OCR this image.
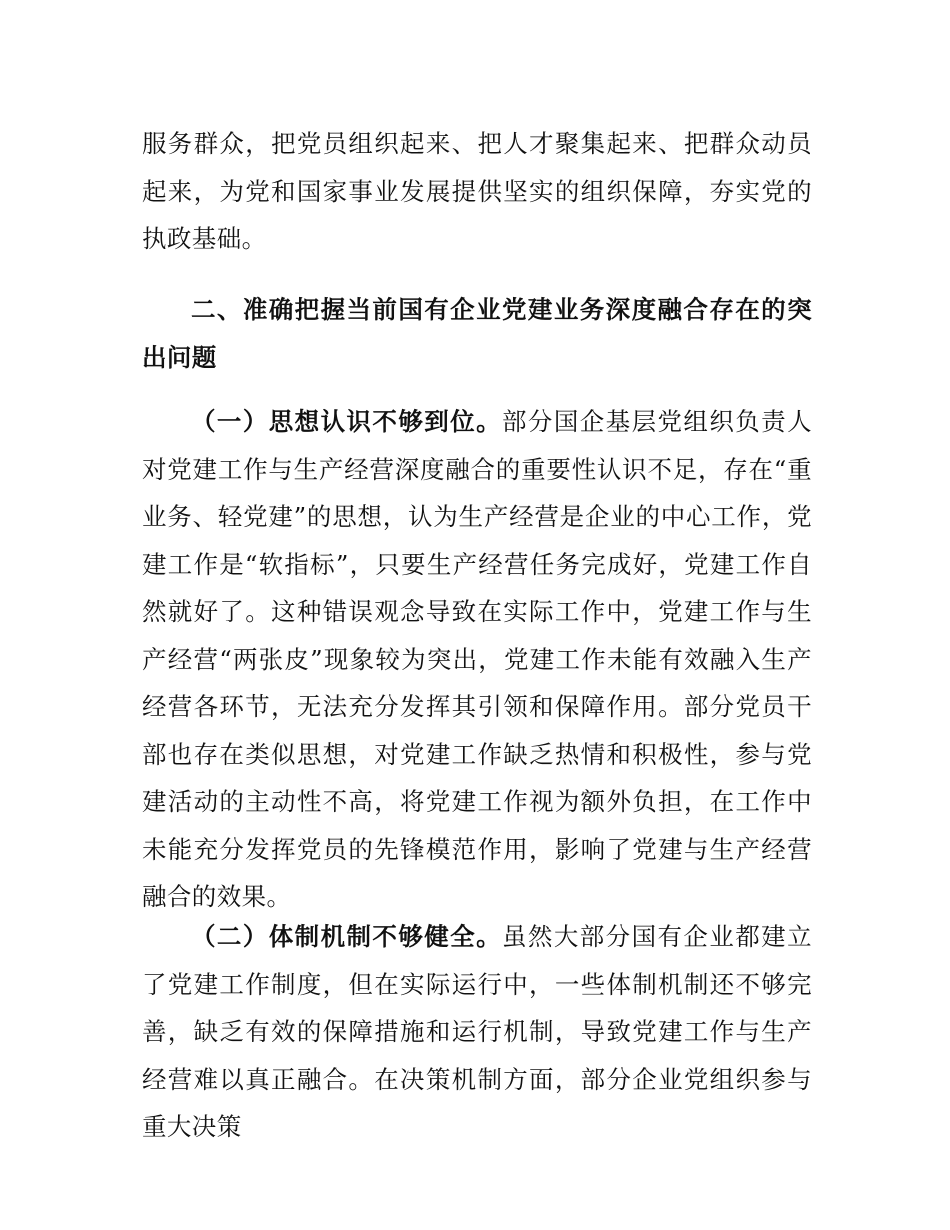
服务群众，把党员组织起来、把人才聚集起来、把群众动员起来，为党和国家事业发展提供坚实的组织保障，夯实党的执政基础。

二、准确把握当前国有企业党建业务深度融合存在的突出问题

（一）思想认识不够到位。部分国企基层党组织负责人对党建工作与生产经营深度融合的重要性认识不足，存在“重业务、轻党建”的思想，认为生产经营是企业的中心工作，党建工作是“软指标”，只要生产经营任务完成好，党建工作自然就好了。这种错误观念导致在实际工作中，党建工作与生产经营“两张皮”现象较为突出，党建工作未能有效融入生产经营各环节，无法充分发挥其引领和保障作用。部分党员干部也存在类似思想，对党建工作缺乏热情和积极性，参与党建活动的主动性不高，将党建工作视为额外负担，在工作中未能充分发挥党员的先锋模范作用，影响了党建与生产经营融合的效果。

（二）体制机制不够健全。虽然大部分国有企业都建立了党建工作制度，但在实际运行中，一些体制机制还不够完善，缺乏有效的保障措施和运行机制，导致党建工作与生产经营难以真正融合。在决策机制方面，部分企业党组织参与重大决策
